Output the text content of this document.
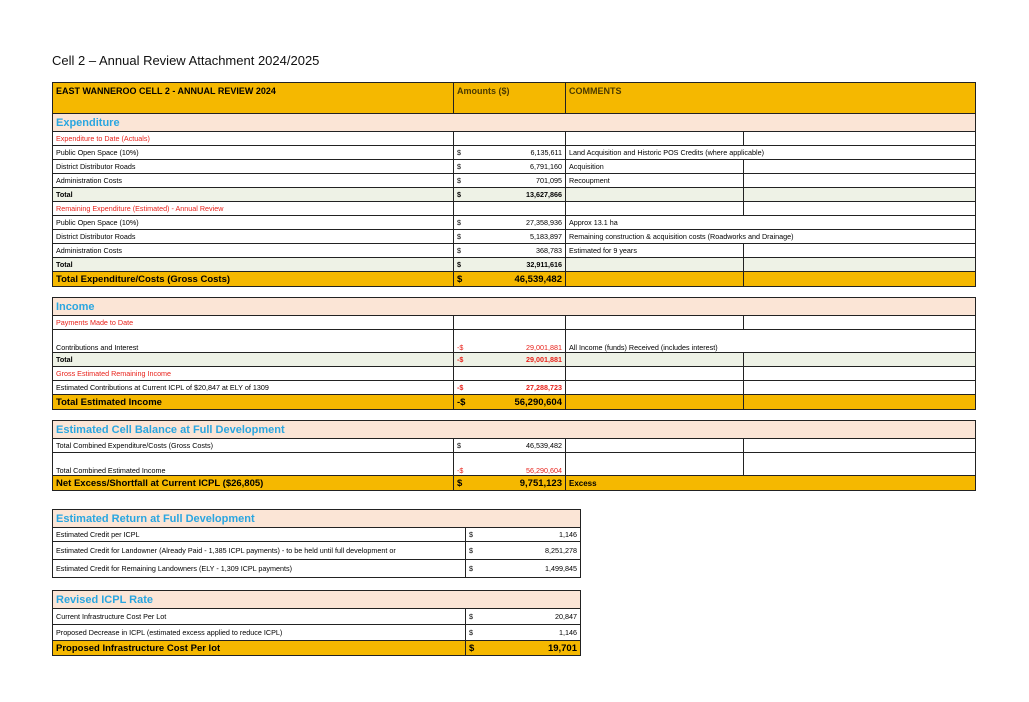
Cell 2 – Annual Review Attachment 2024/2025
EAST WANNEROO CELL 2 - ANNUAL REVIEW 2024	Amounts ($)	COMMENTS	
Expenditure			
Expenditure to Date (Actuals)			
Public Open Space (10%)	$ 6,135,611	Land Acquisition and Historic POS Credits (where applicable)	
District Distributor Roads	$ 6,791,160	Acquisition	
Administration Costs	$ 701,095	Recoupment	
Total	$ 13,627,866		

Remaining Expenditure (Estimated) - Annual Review			
Public Open Space (10%)	$ 27,358,936	Approx 13.1 ha	
District Distributor Roads	$ 5,183,897	Remaining construction & acquisition costs (Roadworks and Drainage)	
Administration Costs	$ 368,783	Estimated for 9 years	
Total	$ 32,911,616		

Total Expenditure/Costs (Gross Costs)	$ 46,539,482		

Income			
Payments Made to Date			
Contributions and Interest	-$ 29,001,881	All Income (funds) Received (includes interest)	
Total	-$ 29,001,881		

Gross Estimated Remaining Income			
Estimated Contributions at Current ICPL of $20,847 at ELY of 1309	-$ 27,288,723		

Total Estimated Income	-$ 56,290,604		

Estimated Cell Balance at Full Development			
Total Combined Expenditure/Costs (Gross Costs)	$ 46,539,482		

Total Combined Estimated Income	-$ 56,290,604		

Net Excess/Shortfall at Current ICPL ($26,805)	$ 9,751,123	Excess	
Estimated Return at Full Development	
Estimated Credit per ICPL	$ 1,146

Estimated Credit for Landowner (Already Paid - 1,385 ICPL payments) - to be held until full development or	$ 8,251,278

Estimated Credit for Remaining Landowners (ELY - 1,309 ICPL payments)	$ 1,499,845

Revised ICPL Rate	
Current Infrastructure Cost Per Lot	$ 20,847

Proposed Decrease in ICPL (estimated excess applied to reduce ICPL)	$ 1,146

Proposed Infrastructure Cost Per lot	$ 19,701
